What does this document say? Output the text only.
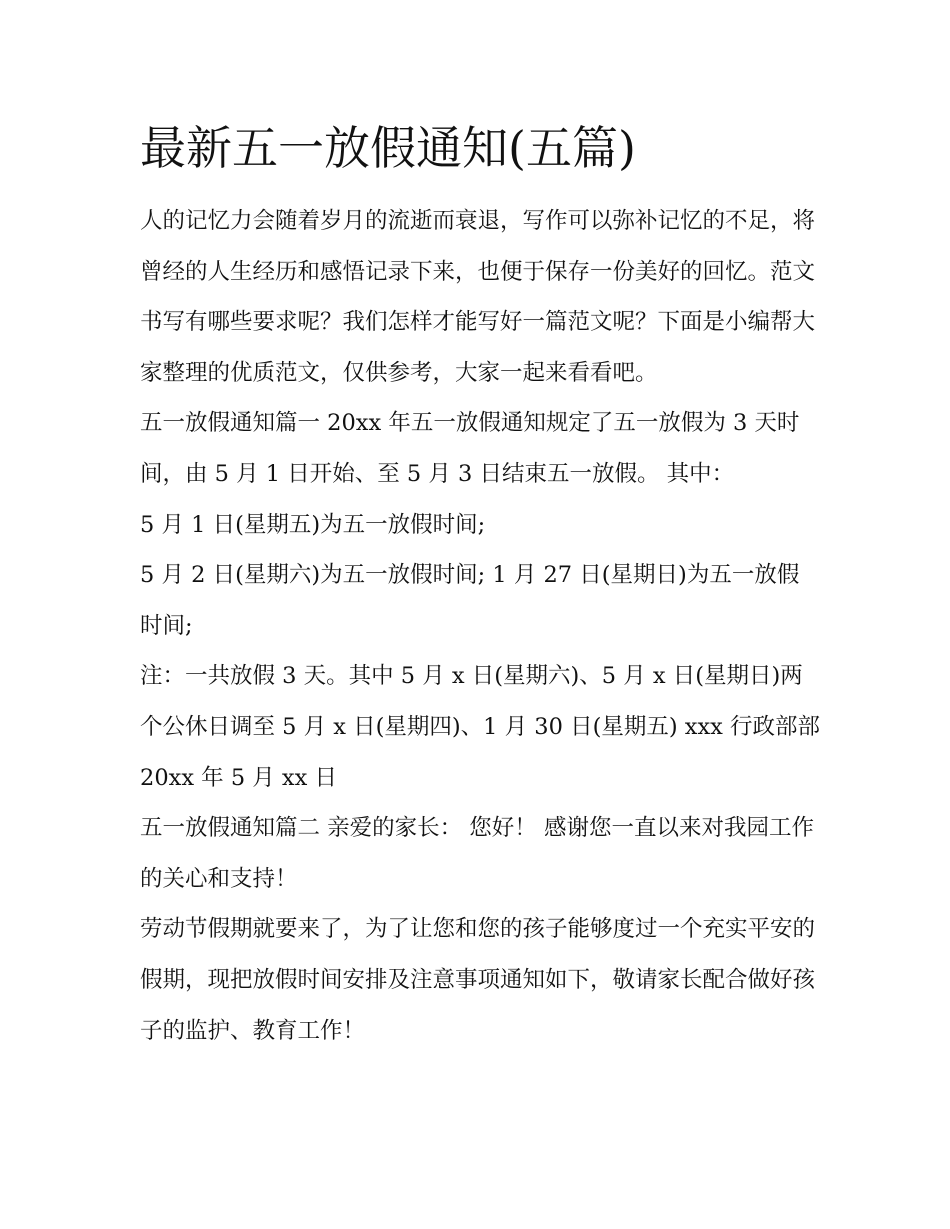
最新五一放假通知(五篇)

人的记忆力会随着岁月的流逝而衰退，写作可以弥补记忆的不足，将曾经的人生经历和感悟记录下来，也便于保存一份美好的回忆。范文书写有哪些要求呢？我们怎样才能写好一篇范文呢？下面是小编帮大家整理的优质范文，仅供参考，大家一起来看看吧。

五一放假通知篇一 20xx 年五一放假通知规定了五一放假为 3 天时间，由 5 月 1 日开始、至 5 月 3 日结束五一放假。 其中：

5 月 1 日(星期五)为五一放假时间;

5 月 2 日(星期六)为五一放假时间; 1 月 27 日(星期日)为五一放假时间;

注：一共放假 3 天。其中 5 月 x 日(星期六)、5 月 x 日(星期日)两个公休日调至 5 月 x 日(星期四)、1 月 30 日(星期五) xxx 行政部部 20xx 年 5 月 xx 日

五一放假通知篇二 亲爱的家长： 您好！ 感谢您一直以来对我园工作的关心和支持！

劳动节假期就要来了，为了让您和您的孩子能够度过一个充实平安的假期，现把放假时间安排及注意事项通知如下，敬请家长配合做好孩子的监护、教育工作！
